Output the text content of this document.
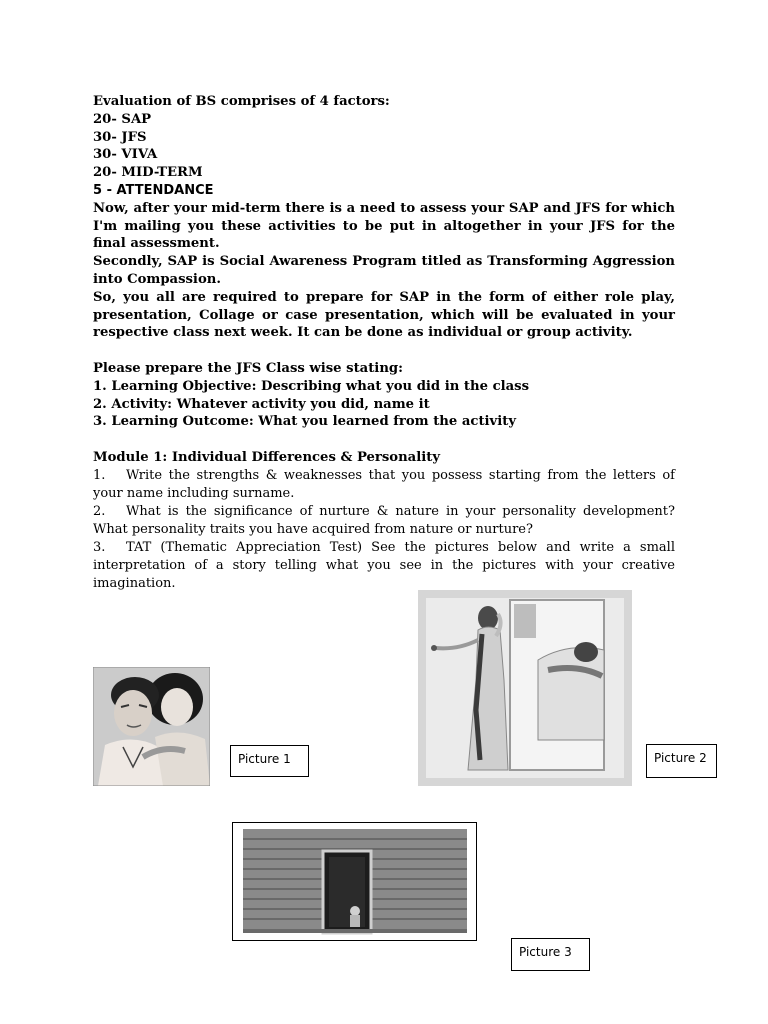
Evaluation of BS comprises of 4 factors:
20- SAP
30- JFS
30- VIVA
20- MID-TERM
5 - ATTENDANCE
Now, after your mid-term there is a need to assess your SAP and JFS for which I'm mailing you these activities to be put in altogether in your JFS for the final assessment.
Secondly, SAP is Social Awareness Program titled as Transforming Aggression into Compassion.
So, you all are required to prepare for SAP in the form of either role play, presentation, Collage or case presentation, which will be evaluated in your respective class next week. It can be done as individual or group activity.
Please prepare the JFS Class wise stating:
1. Learning Objective: Describing what you did in the class
2. Activity: Whatever activity you did, name it
3. Learning Outcome: What you learned from the activity
Module 1: Individual Differences & Personality
1. Write the strengths & weaknesses that you possess starting from the letters of your name including surname.
2. What is the significance of nurture & nature in your personality development? What personality traits you have acquired from nature or nurture?
3. TAT (Thematic Appreciation Test) See the pictures below and write a small interpretation of a story telling what you see in the pictures with your creative imagination.
Picture 1	Picture 2
Picture 3
